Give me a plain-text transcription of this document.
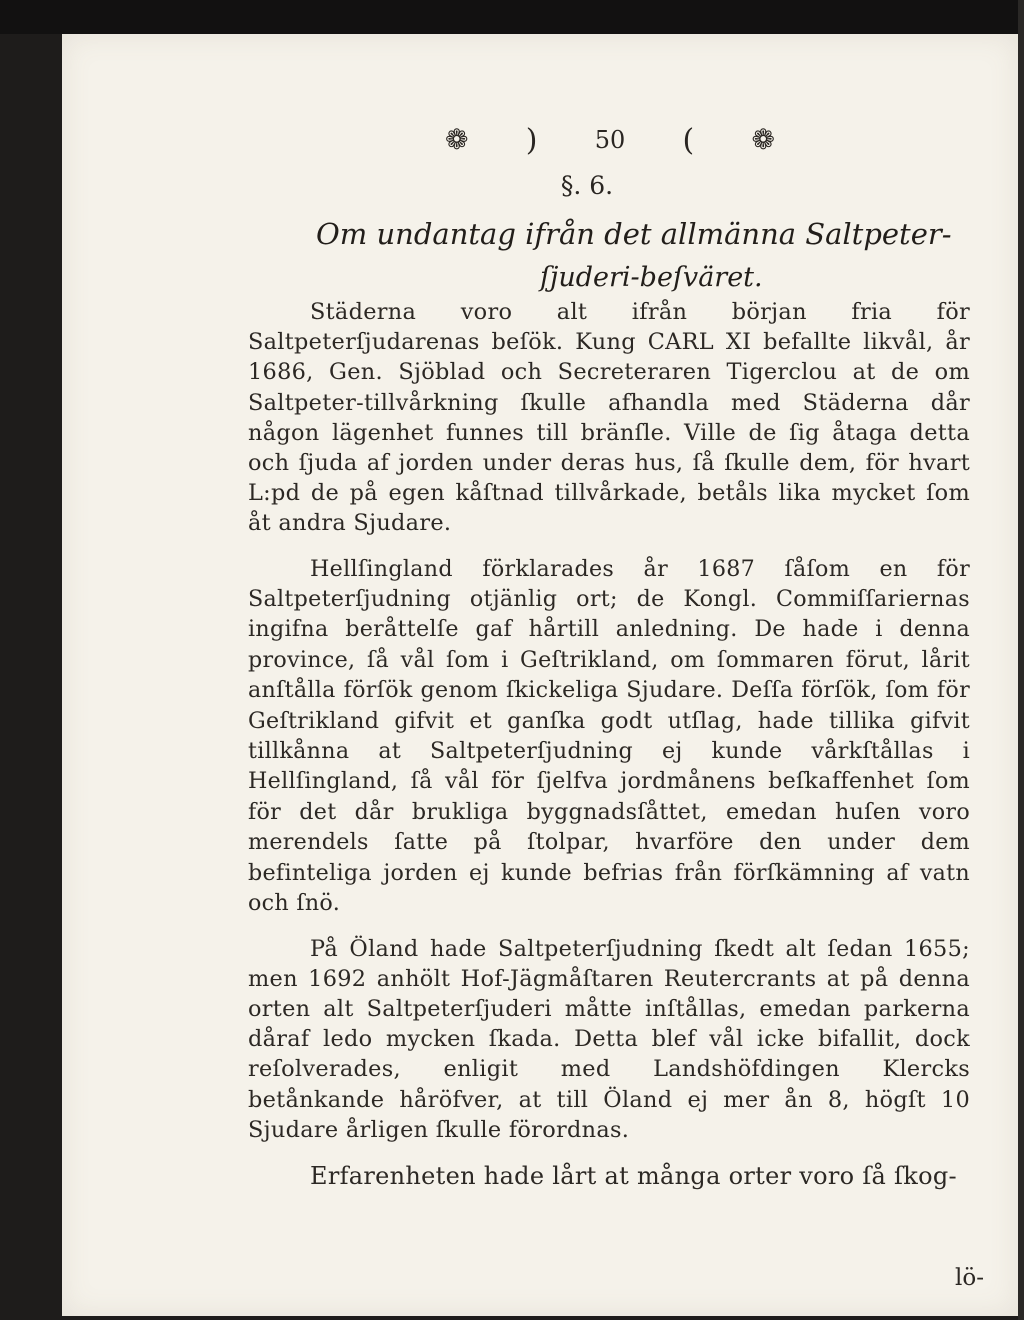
❁ ) 50 ( ❁
§. 6.
Om undantag ifrån det allmänna Saltpeter-
ſjuderi-beſväret.

Städerna voro alt ifrån början fria för Saltpeterſjudarenas beſök. Kung CARL XI befallte likvål, år 1686, Gen. Sjöblad och Secreteraren Tigerclou at de om Saltpeter-tillvårkning ſkulle afhandla med Städerna dår någon lägenhet funnes till bränſle. Ville de ſig åtaga detta och ſjuda af jorden under deras hus, ſå ſkulle dem, för hvart L:pd de på egen kåſtnad tillvårkade, betåls lika mycket ſom åt andra Sjudare.

Hellſingland förklarades år 1687 ſåſom en för Saltpeterſjudning otjänlig ort; de Kongl. Commiſſariernas ingifna beråttelſe gaf hårtill anledning. De hade i denna province, ſå vål ſom i Geſtrikland, om ſommaren förut, lårit anſtålla förſök genom ſkickeliga Sjudare. Deſſa förſök, ſom för Geſtrikland gifvit et ganſka godt utſlag, hade tillika gifvit tillkånna at Saltpeterſjudning ej kunde vårkſtållas i Hellſingland, ſå vål för ſjelfva jordmånens beſkaffenhet ſom för det dår brukliga byggnadsſåttet, emedan huſen voro merendels ſatte på ſtolpar, hvarföre den under dem befinteliga jorden ej kunde befrias från förſkämning af vatn och ſnö.

På Öland hade Saltpeterſjudning ſkedt alt ſedan 1655; men 1692 anhölt Hof-Jägmåſtaren Reutercrants at på denna orten alt Saltpeterſjuderi måtte inſtållas, emedan parkerna dåraf ledo mycken ſkada. Detta blef vål icke bifallit, dock reſolverades, enligit med Landshöfdingen Klercks betånkande håröfver, at till Öland ej mer ån 8, högſt 10 Sjudare årligen ſkulle förordnas.

Erfarenheten hade lårt at många orter voro ſå ſkog-

lö-
